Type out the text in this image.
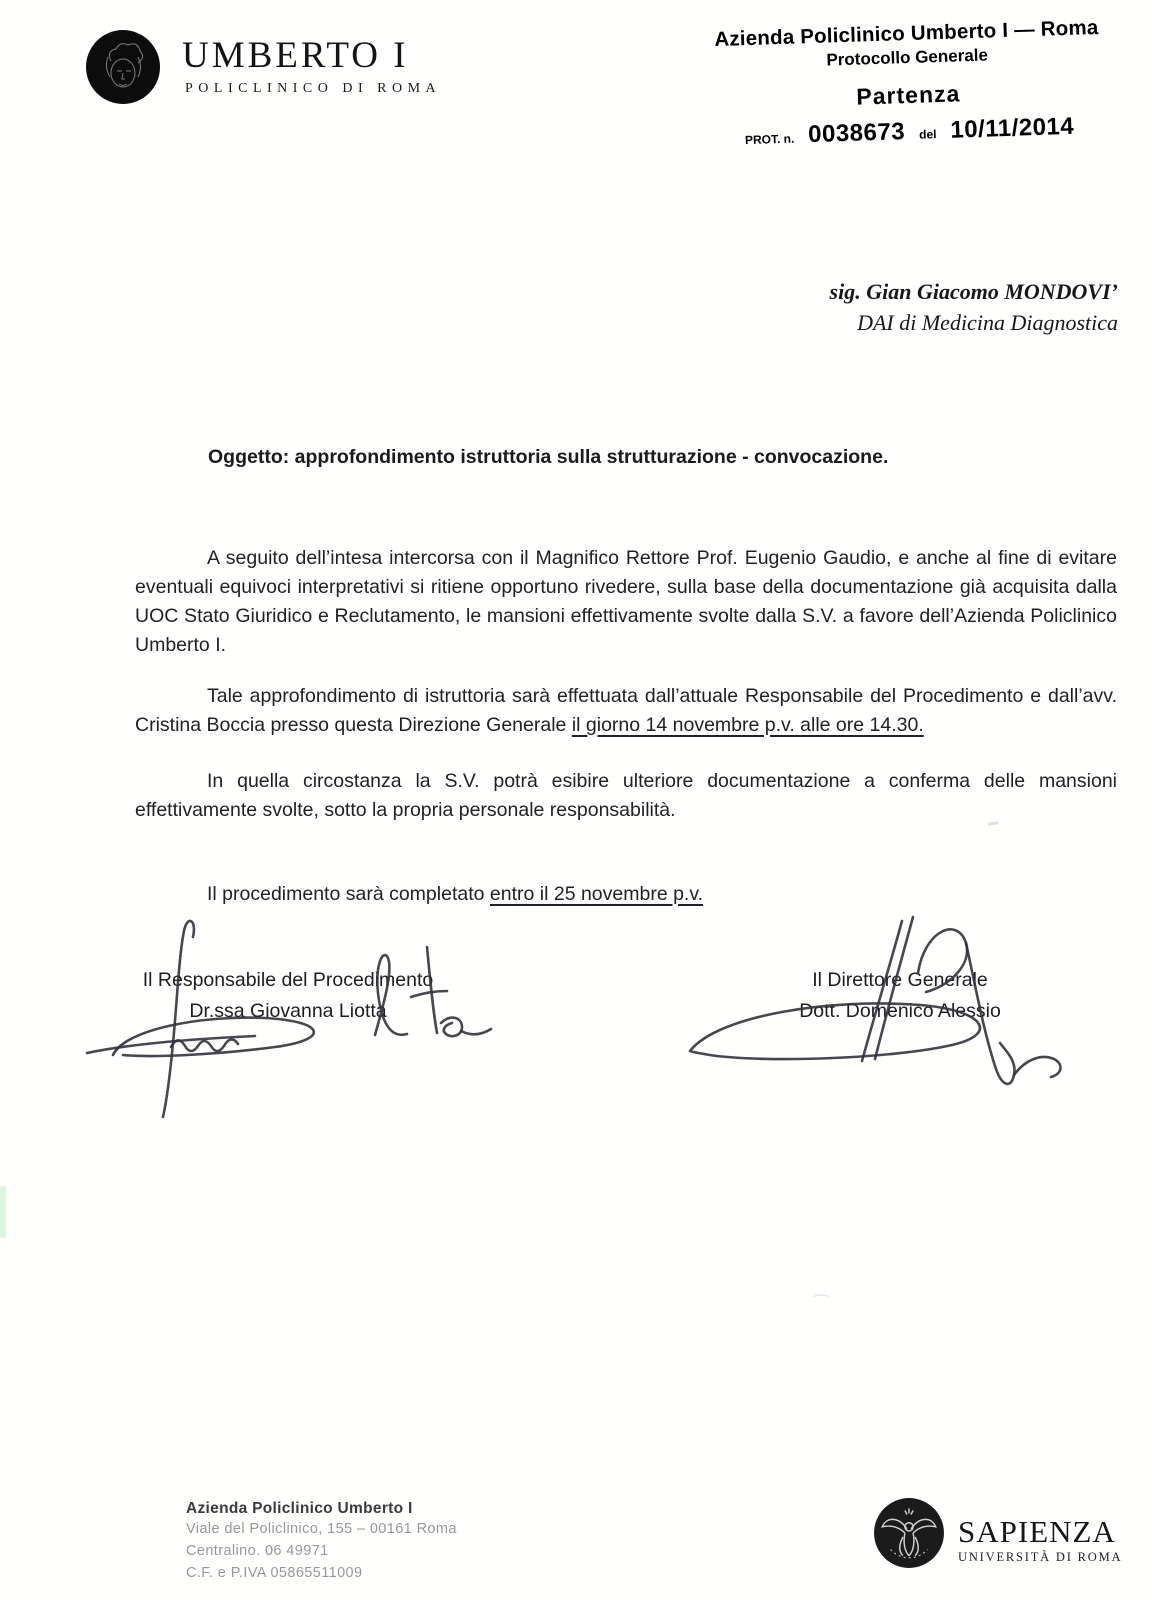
UMBERTO I
POLICLINICO DI ROMA
Azienda Policlinico Umberto I — Roma
Protocollo Generale
Partenza
PROT. n. 0038673 del 10/11/2014
sig. Gian Giacomo MONDOVI’
DAI di Medicina Diagnostica
Oggetto: approfondimento istruttoria sulla strutturazione - convocazione.

A seguito dell’intesa intercorsa con il Magnifico Rettore Prof. Eugenio Gaudio, e anche al fine di evitare eventuali equivoci interpretativi si ritiene opportuno rivedere, sulla base della documentazione già acquisita dalla UOC Stato Giuridico e Reclutamento, le mansioni effettivamente svolte dalla S.V. a favore dell’Azienda Policlinico Umberto I.

Tale approfondimento di istruttoria sarà effettuata dall’attuale Responsabile del Procedimento e dall’avv. Cristina Boccia presso questa Direzione Generale il giorno 14 novembre p.v. alle ore 14.30.

In quella circostanza la S.V. potrà esibire ulteriore documentazione a conferma delle mansioni effettivamente svolte, sotto la propria personale responsabilità.

Il procedimento sarà completato entro il 25 novembre p.v.

Il Responsabile del Procedimento
Dr.ssa Giovanna Liotta
Il Direttore Generale
Dott. Domenico Alessio
Azienda Policlinico Umberto I
Viale del Policlinico, 155 – 00161 Roma
Centralino. 06 49971
C.F. e P.IVA 05865511009
SAPIENZA
UNIVERSITÀ DI ROMA
